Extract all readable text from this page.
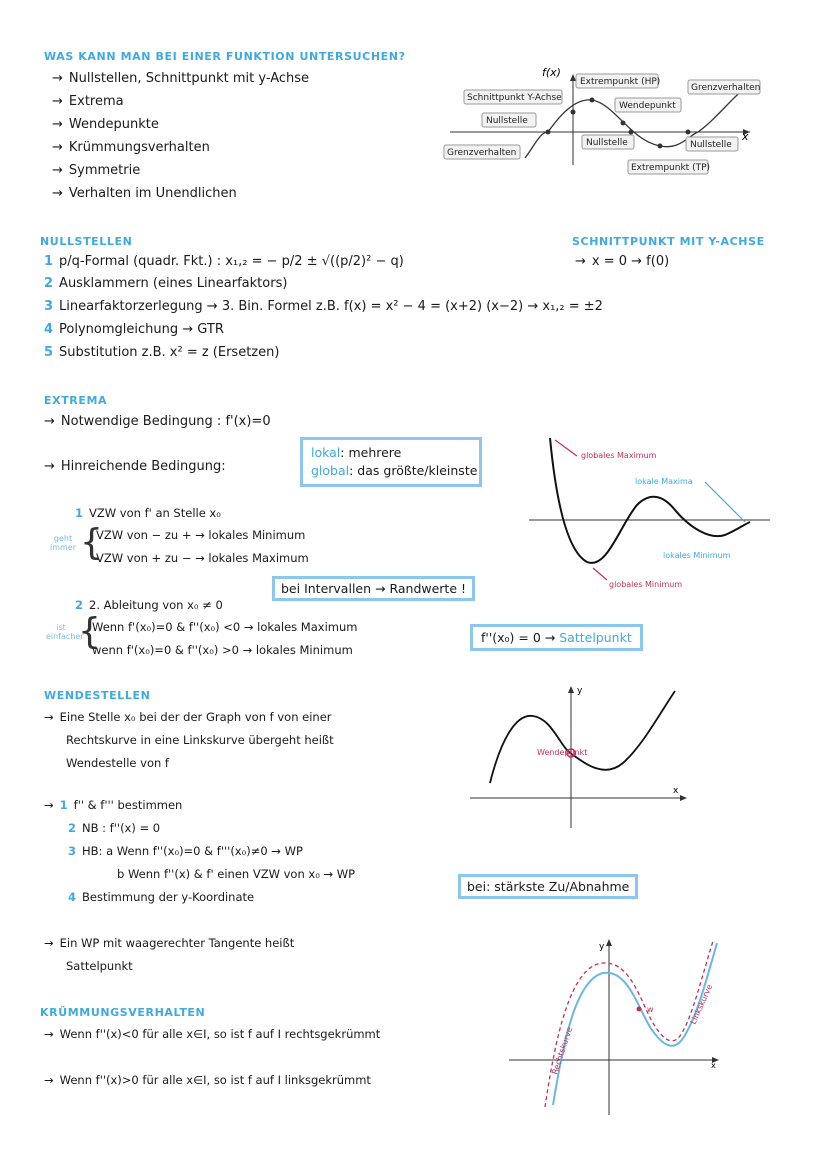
WAS KANN MAN BEI EINER FUNKTION UNTERSUCHEN?
→ Nullstellen, Schnittpunkt mit y-Achse
→ Extrema
→ Wendepunkte
→ Krümmungsverhalten
→ Symmetrie
→ Verhalten im Unendlichen
f(x)
x
Extrempunkt (HP)
Schnittpunkt Y-Achse
Wendepunkt
Grenzverhalten
Nullstelle
Nullstelle	Nullstelle
Grenzverhalten
Extrempunkt (TP)
NULLSTELLEN
1 p/q-Formal (quadr. Fkt.) : x₁,₂ = − p/2 ± √((p/2)² − q)
2 Ausklammern (eines Linearfaktors)
3 Linearfaktorzerlegung → 3. Bin. Formel z.B. f(x) = x² − 4 = (x+2) (x−2) → x₁,₂ = ±2
4 Polynomgleichung → GTR
5 Substitution z.B. x² = z (Ersetzen)
SCHNITTPUNKT MIT Y-ACHSE
→ x = 0 → f(0)
EXTREMA
→ Notwendige Bedingung : f'(x)=0
→ Hinreichende Bedingung:
lokal: mehrere
global: das größte/kleinste
1 VZW von f' an Stelle x₀
geht immer {
VZW von − zu + → lokales Minimum
VZW von + zu − → lokales Maximum
bei Intervallen → Randwerte !
2 2. Ableitung von x₀ ≠ 0
ist einfacher
{
Wenn f'(x₀)=0 & f''(x₀) <0 → lokales Maximum
wenn f'(x₀)=0 & f''(x₀) >0 → lokales Minimum
f''(x₀) = 0 → Sattelpunkt
globales Maximum
lokale Maxima
lokales Minimum
globales Minimum
WENDESTELLEN
→ Eine Stelle x₀ bei der der Graph von f von einer
Rechtskurve in eine Linkskurve übergeht heißt
Wendestelle von f
→ 1 f'' & f''' bestimmen
2 NB : f''(x) = 0
3 HB: a Wenn f''(x₀)=0 & f'''(x₀)≠0 → WP
b Wenn f''(x) & f' einen VZW von x₀ → WP
4 Bestimmung der y-Koordinate
bei: stärkste Zu/Abnahme
→ Ein WP mit waagerechter Tangente heißt
Sattelpunkt
y
x
Wendepunkt
KRÜMMUNGSVERHALTEN
→ Wenn f''(x)<0 für alle x∈I, so ist f auf I rechtsgekrümmt
→ Wenn f''(x)>0 für alle x∈I, so ist f auf I linksgekrümmt
y
x
w
Rechtskurve
Linkskurve
